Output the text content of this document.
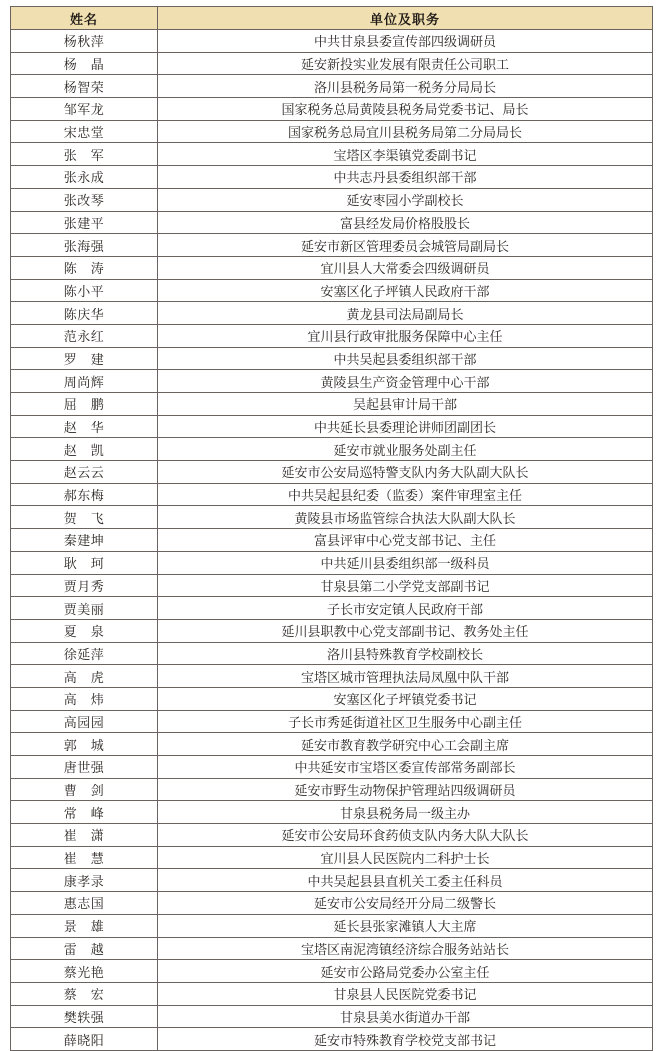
姓名	单位及职务
杨秋萍	中共甘泉县委宣传部四级调研员
杨　晶	延安新投实业发展有限责任公司职工
杨智荣	洛川县税务局第一税务分局局长
邹军龙	国家税务总局黄陵县税务局党委书记、局长
宋忠堂	国家税务总局宜川县税务局第二分局局长
张　军	宝塔区李渠镇党委副书记
张永成	中共志丹县委组织部干部
张改琴	延安枣园小学副校长
张建平	富县经发局价格股股长
张海强	延安市新区管理委员会城管局副局长
陈　涛	宜川县人大常委会四级调研员
陈小平	安塞区化子坪镇人民政府干部
陈庆华	黄龙县司法局副局长
范永红	宜川县行政审批服务保障中心主任
罗　建	中共吴起县委组织部干部
周尚辉	黄陵县生产资金管理中心干部
屈　鹏	吴起县审计局干部
赵　华	中共延长县委理论讲师团副团长
赵　凯	延安市就业服务处副主任
赵云云	延安市公安局巡特警支队内务大队副大队长
郝东梅	中共吴起县纪委（监委）案件审理室主任
贺　飞	黄陵县市场监管综合执法大队副大队长
秦建坤	富县评审中心党支部书记、主任
耿　珂	中共延川县委组织部一级科员
贾月秀	甘泉县第二小学党支部副书记
贾美丽	子长市安定镇人民政府干部
夏　泉	延川县职教中心党支部副书记、教务处主任
徐延萍	洛川县特殊教育学校副校长
高　虎	宝塔区城市管理执法局凤凰中队干部
高　炜	安塞区化子坪镇党委书记
高园园	子长市秀延街道社区卫生服务中心副主任
郭　城	延安市教育教学研究中心工会副主席
唐世强	中共延安市宝塔区委宣传部常务副部长
曹　剑	延安市野生动物保护管理站四级调研员
常　峰	甘泉县税务局一级主办
崔　潇	延安市公安局环食药侦支队内务大队大队长
崔　慧	宜川县人民医院内二科护士长
康孝录	中共吴起县县直机关工委主任科员
惠志国	延安市公安局经开分局二级警长
景　雄	延长县张家滩镇人大主席
雷　越	宝塔区南泥湾镇经济综合服务站站长
蔡光艳	延安市公路局党委办公室主任
蔡　宏	甘泉县人民医院党委书记
樊轶强	甘泉县美水街道办干部
薛晓阳	延安市特殊教育学校党支部书记
